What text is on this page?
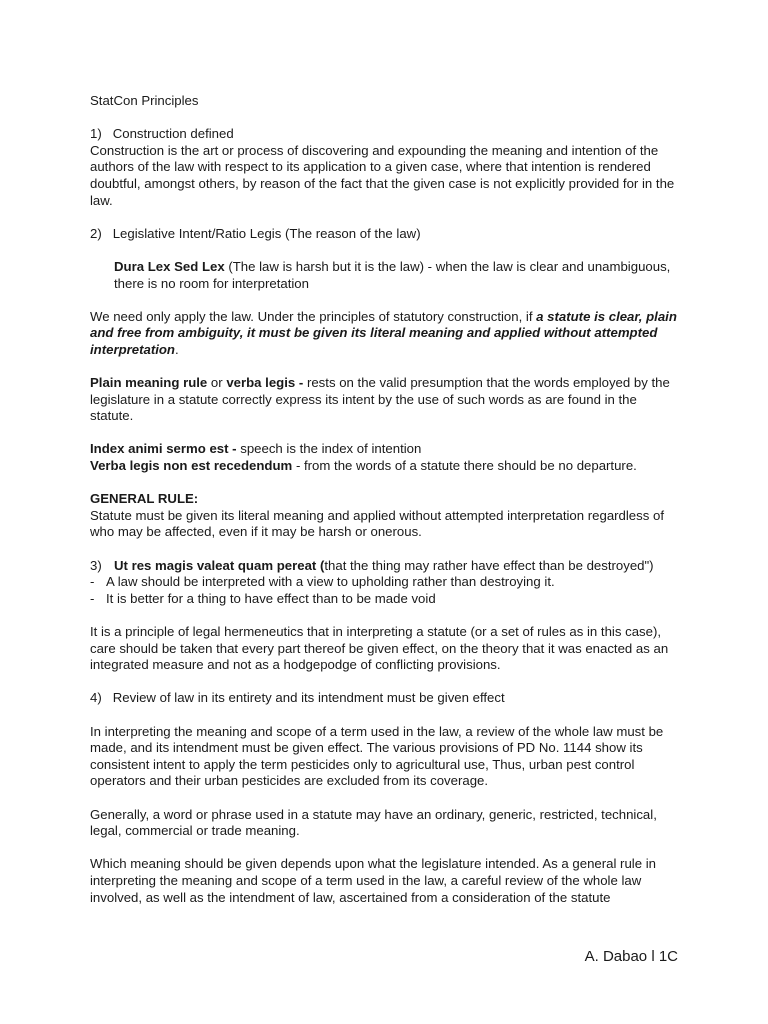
StatCon Principles

1)   Construction defined

Construction is the art or process of discovering and expounding the meaning and intention of the authors of the law with respect to its application to a given case, where that intention is rendered doubtful, amongst others, by reason of the fact that the given case is not explicitly provided for in the law.

2)   Legislative Intent/Ratio Legis (The reason of the law)

Dura Lex Sed Lex (The law is harsh but it is the law) - when the law is clear and unambiguous, there is no room for interpretation

We need only apply the law. Under the principles of statutory construction, if a statute is clear, plain and free from ambiguity, it must be given its literal meaning and applied without attempted interpretation.

Plain meaning rule or verba legis - rests on the valid presumption that the words employed by the legislature in a statute correctly express its intent by the use of such words as are found in the statute.

Index animi sermo est - speech is the index of intention

Verba legis non est recedendum - from the words of a statute there should be no departure.

GENERAL RULE:

Statute must be given its literal meaning and applied without attempted interpretation regardless of who may be affected, even if it may be harsh or onerous.

3) Ut res magis valeat quam pereat (that the thing may rather have effect than be destroyed")

- A law should be interpreted with a view to upholding rather than destroying it.
- It is better for a thing to have effect than to be made void

It is a principle of legal hermeneutics that in interpreting a statute (or a set of rules as in this case), care should be taken that every part thereof be given effect, on the theory that it was enacted as an integrated measure and not as a hodgepodge of conflicting provisions.

4)   Review of law in its entirety and its intendment must be given effect

In interpreting the meaning and scope of a term used in the law, a review of the whole law must be made, and its intendment must be given effect. The various provisions of PD No. 1144 show its consistent intent to apply the term pesticides only to agricultural use, Thus, urban pest control operators and their urban pesticides are excluded from its coverage.

Generally, a word or phrase used in a statute may have an ordinary, generic, restricted, technical, legal, commercial or trade meaning.

Which meaning should be given depends upon what the legislature intended. As a general rule in interpreting the meaning and scope of a term used in the law, a careful review of the whole law involved, as well as the intendment of law, ascertained from a consideration of the statute

A. Dabao l 1C
